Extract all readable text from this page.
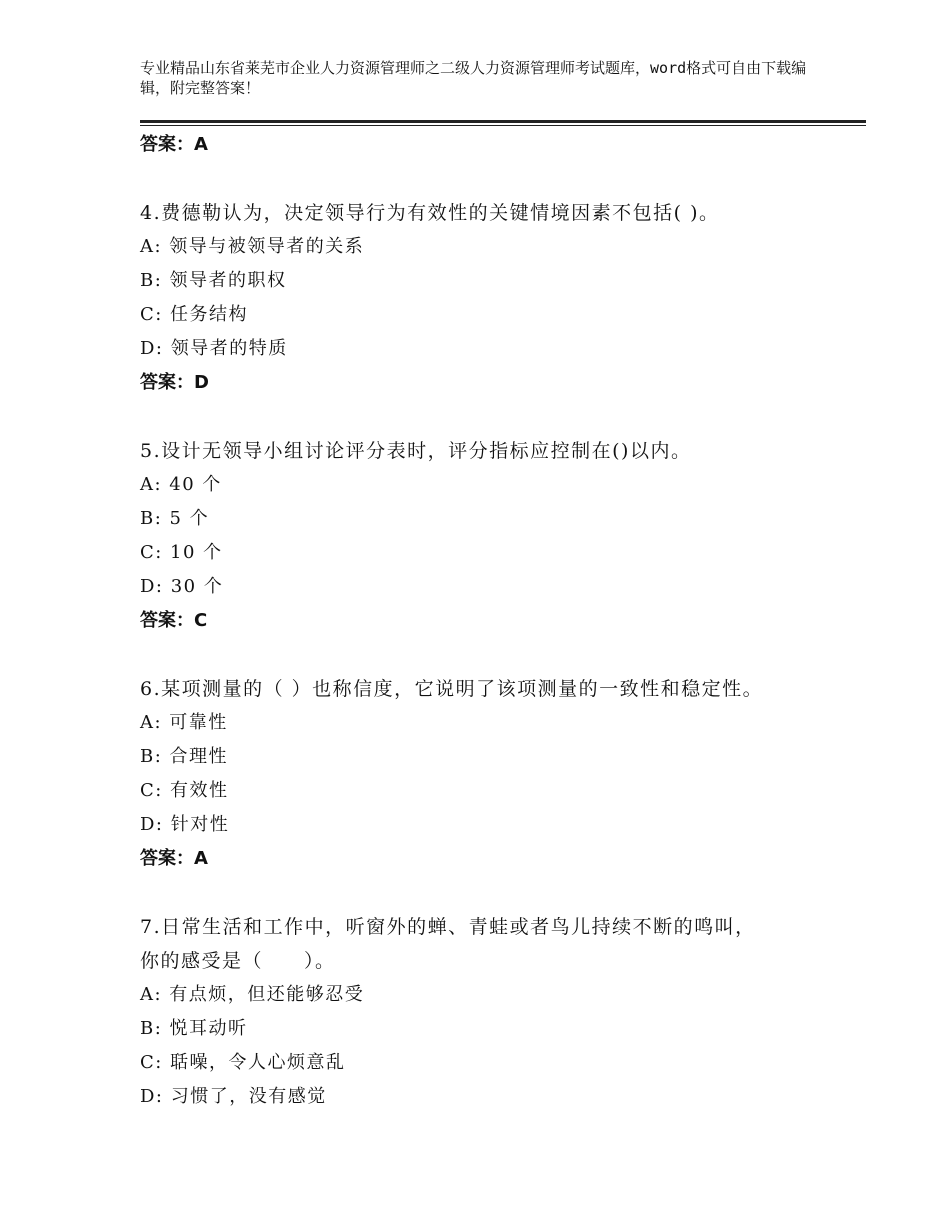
专业精品山东省莱芜市企业人力资源管理师之二级人力资源管理师考试题库，word格式可自由下载编辑，附完整答案！
答案：A
4.费德勒认为，决定领导行为有效性的关键情境因素不包括( )。
A: 领导与被领导者的关系
B: 领导者的职权
C: 任务结构
D: 领导者的特质
答案：D
5.设计无领导小组讨论评分表时，评分指标应控制在()以内。
A: 40 个
B: 5 个
C: 10 个
D: 30 个
答案：C
6.某项测量的（ ）也称信度，它说明了该项测量的一致性和稳定性。
A: 可靠性
B: 合理性
C: 有效性
D: 针对性
答案：A
7.日常生活和工作中，听窗外的蝉、青蛙或者鸟儿持续不断的鸣叫，
你的感受是（　　）。
A: 有点烦，但还能够忍受
B: 悦耳动听
C: 聒噪，令人心烦意乱
D: 习惯了，没有感觉
